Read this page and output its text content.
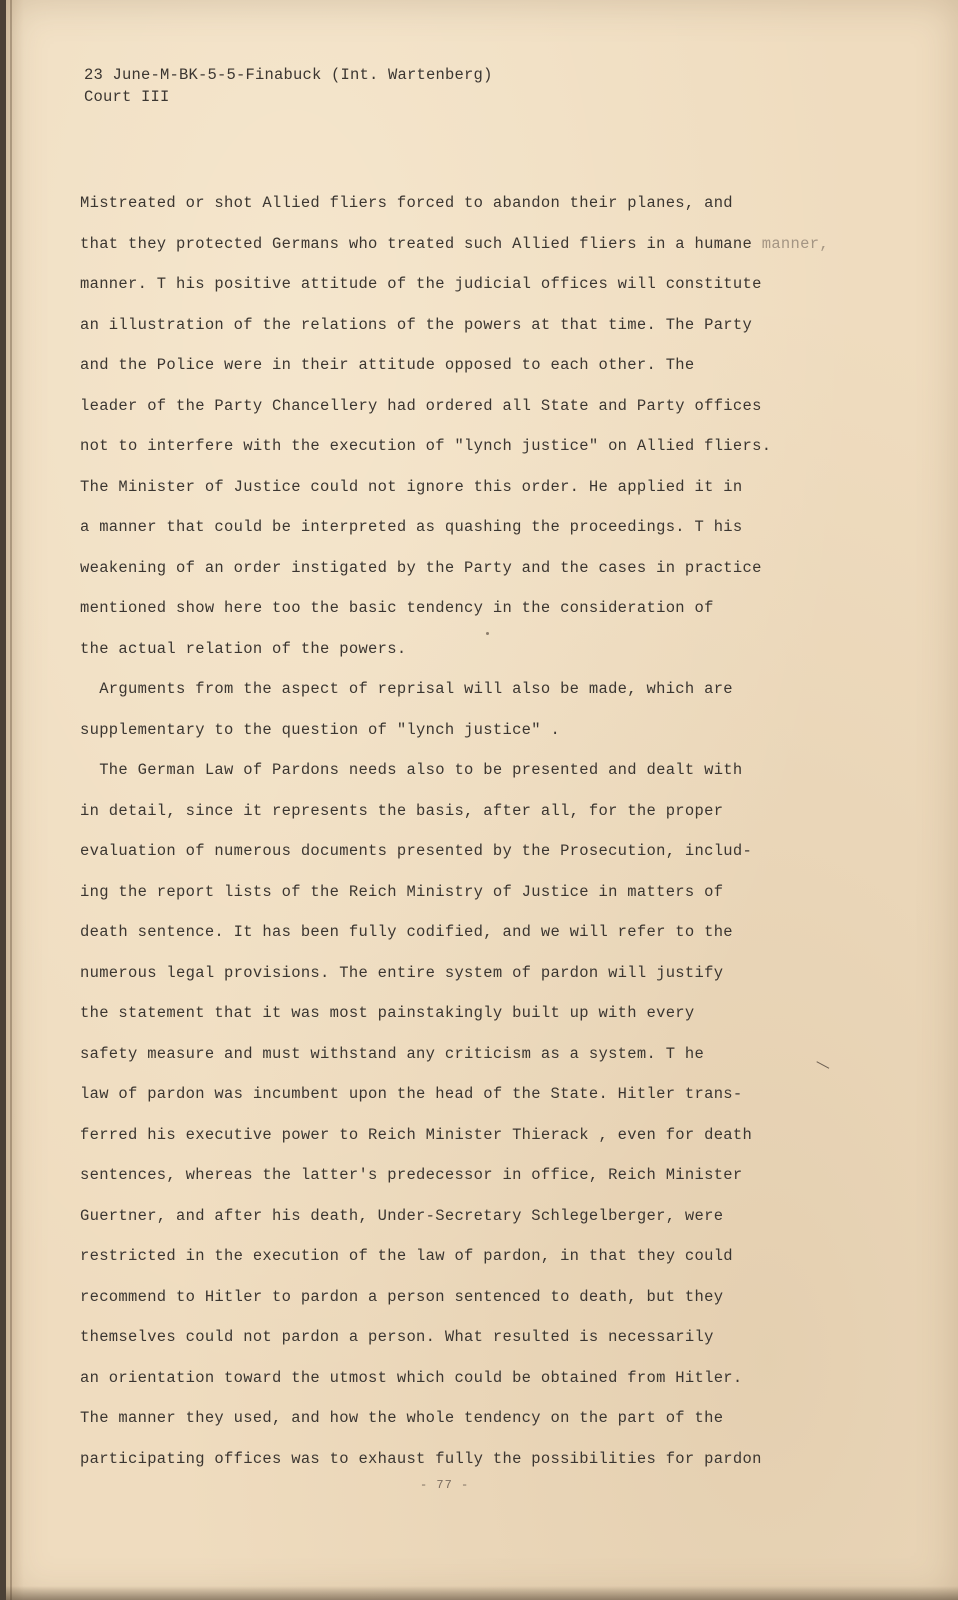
23 June-M-BK-5-5-Finabuck (Int. Wartenberg)
Court III
Mistreated or shot Allied fliers forced to abandon their planes, and
that they protected Germans who treated such Allied fliers in a humane manner,
manner. T his positive attitude of the judicial offices will constitute
an illustration of the relations of the powers at that time. The Party
and the Police were in their attitude opposed to each other. The
leader of the Party Chancellery had ordered all State and Party offices
not to interfere with the execution of "lynch justice" on Allied fliers.
The Minister of Justice could not ignore this order. He applied it in
a manner that could be interpreted as quashing the proceedings. T his
weakening of an order instigated by the Party and the cases in practice
mentioned show here too the basic tendency in the consideration of
the actual relation of the powers.
Arguments from the aspect of reprisal will also be made, which are
supplementary to the question of "lynch justice" .
The German Law of Pardons needs also to be presented and dealt with
in detail, since it represents the basis, after all, for the proper
evaluation of numerous documents presented by the Prosecution, includ-
ing the report lists of the Reich Ministry of Justice in matters of
death sentence. It has been fully codified, and we will refer to the
numerous legal provisions. The entire system of pardon will justify
the statement that it was most painstakingly built up with every
safety measure and must withstand any criticism as a system. T he
law of pardon was incumbent upon the head of the State. Hitler trans-
ferred his executive power to Reich Minister Thierack , even for death
sentences, whereas the latter's predecessor in office, Reich Minister
Guertner, and after his death, Under-Secretary Schlegelberger, were
restricted in the execution of the law of pardon, in that they could
recommend to Hitler to pardon a person sentenced to death, but they
themselves could not pardon a person. What resulted is necessarily
an orientation toward the utmost which could be obtained from Hitler.
The manner they used, and how the whole tendency on the part of the
participating offices was to exhaust fully the possibilities for pardon
- 77 -
